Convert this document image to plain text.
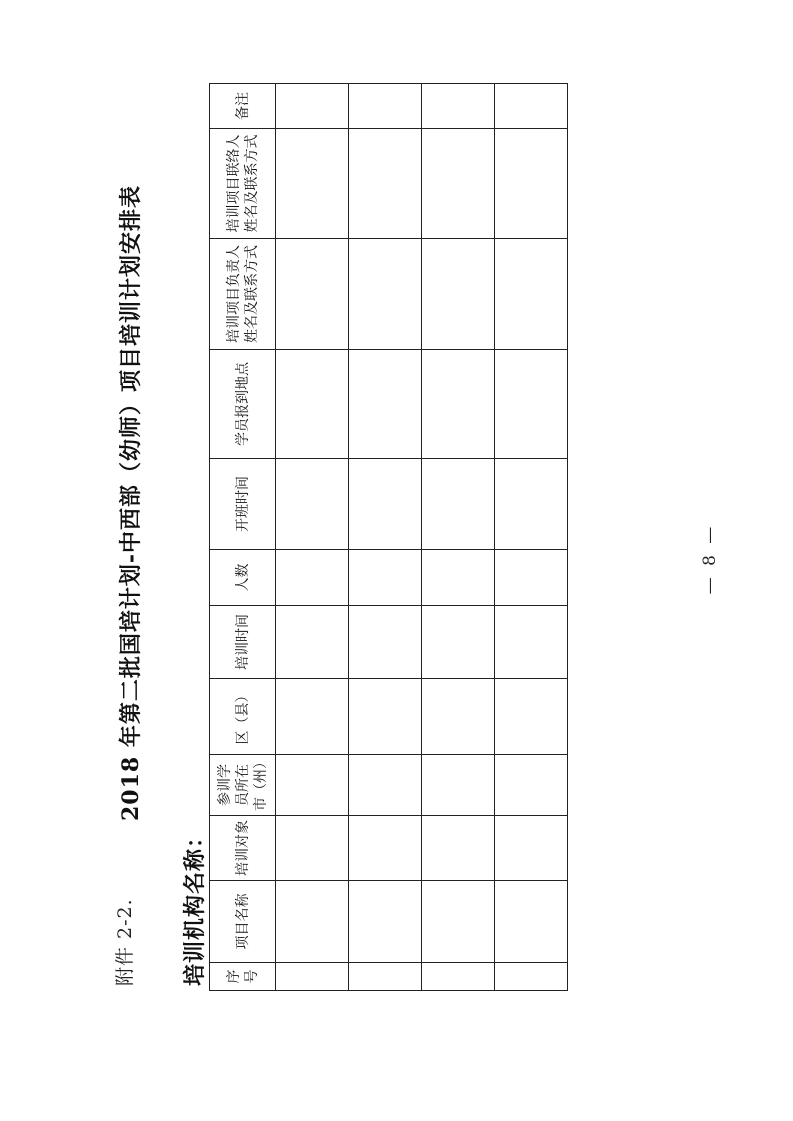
附件 2-2.
2018 年第二批国培计划-中西部（幼师）项目培训计划安排表
培训机构名称： 序号	项目名称	培训对象	参训学员所在市（州）	区（县）	培训时间	人数	开班时间	学员报到地点	培训项目负责人姓名及联系方式	培训项目联络人姓名及联系方式	备注

— 8 —
